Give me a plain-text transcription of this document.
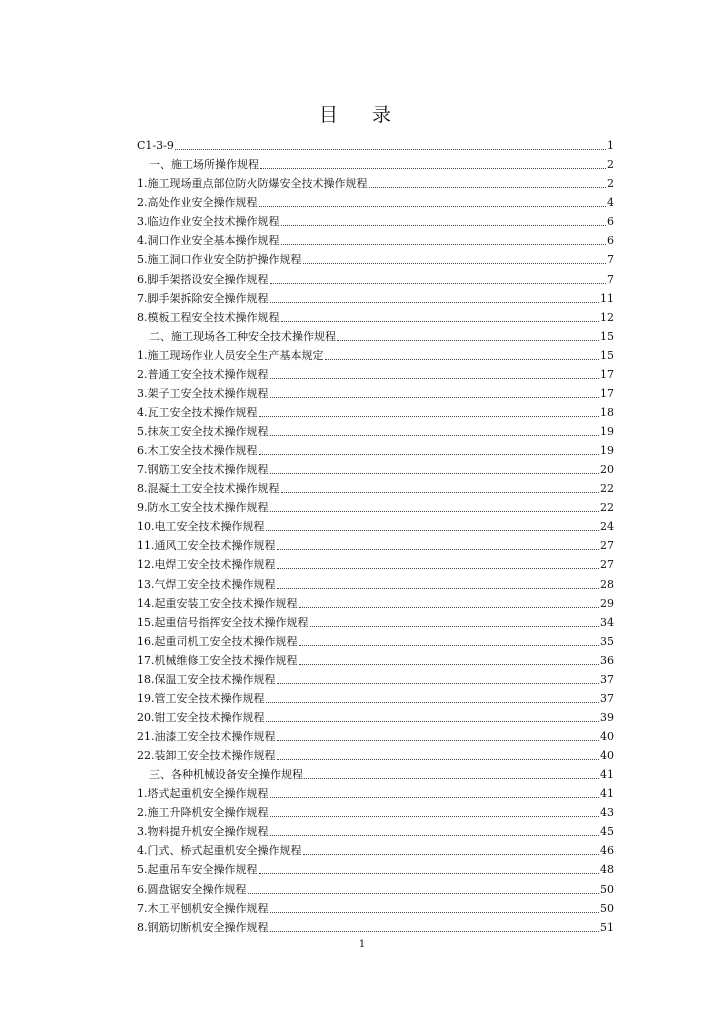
目 录
C1-3-9	1
一、施工场所操作规程	2
1.施工现场重点部位防火防爆安全技术操作规程	2
2.高处作业安全操作规程	4
3.临边作业安全技术操作规程	6
4.洞口作业安全基本操作规程	6
5.施工洞口作业安全防护操作规程	7
6.脚手架搭设安全操作规程	7
7.脚手架拆除安全操作规程	11
8.模板工程安全技术操作规程	12
二、施工现场各工种安全技术操作规程	15
1.施工现场作业人员安全生产基本规定	15
2.普通工安全技术操作规程	17
3.架子工安全技术操作规程	17
4.瓦工安全技术操作规程	18
5.抹灰工安全技术操作规程	19
6.木工安全技术操作规程	19
7.钢筋工安全技术操作规程	20
8.混凝土工安全技术操作规程	22
9.防水工安全技术操作规程	22
10.电工安全技术操作规程	24
11.通风工安全技术操作规程	27
12.电焊工安全技术操作规程	27
13.气焊工安全技术操作规程	28
14.起重安装工安全技术操作规程	29
15.起重信号指挥安全技术操作规程	34
16.起重司机工安全技术操作规程	35
17.机械维修工安全技术操作规程	36
18.保温工安全技术操作规程	37
19.管工安全技术操作规程	37
20.钳工安全技术操作规程	39
21.油漆工安全技术操作规程	40
22.装卸工安全技术操作规程	40
三、各种机械设备安全操作规程	41
1.塔式起重机安全操作规程	41
2.施工升降机安全操作规程	43
3.物料提升机安全操作规程	45
4.门式、桥式起重机安全操作规程	46
5.起重吊车安全操作规程	48
6.圆盘锯安全操作规程	50
7.木工平刨机安全操作规程	50
8.钢筋切断机安全操作规程	51
1
